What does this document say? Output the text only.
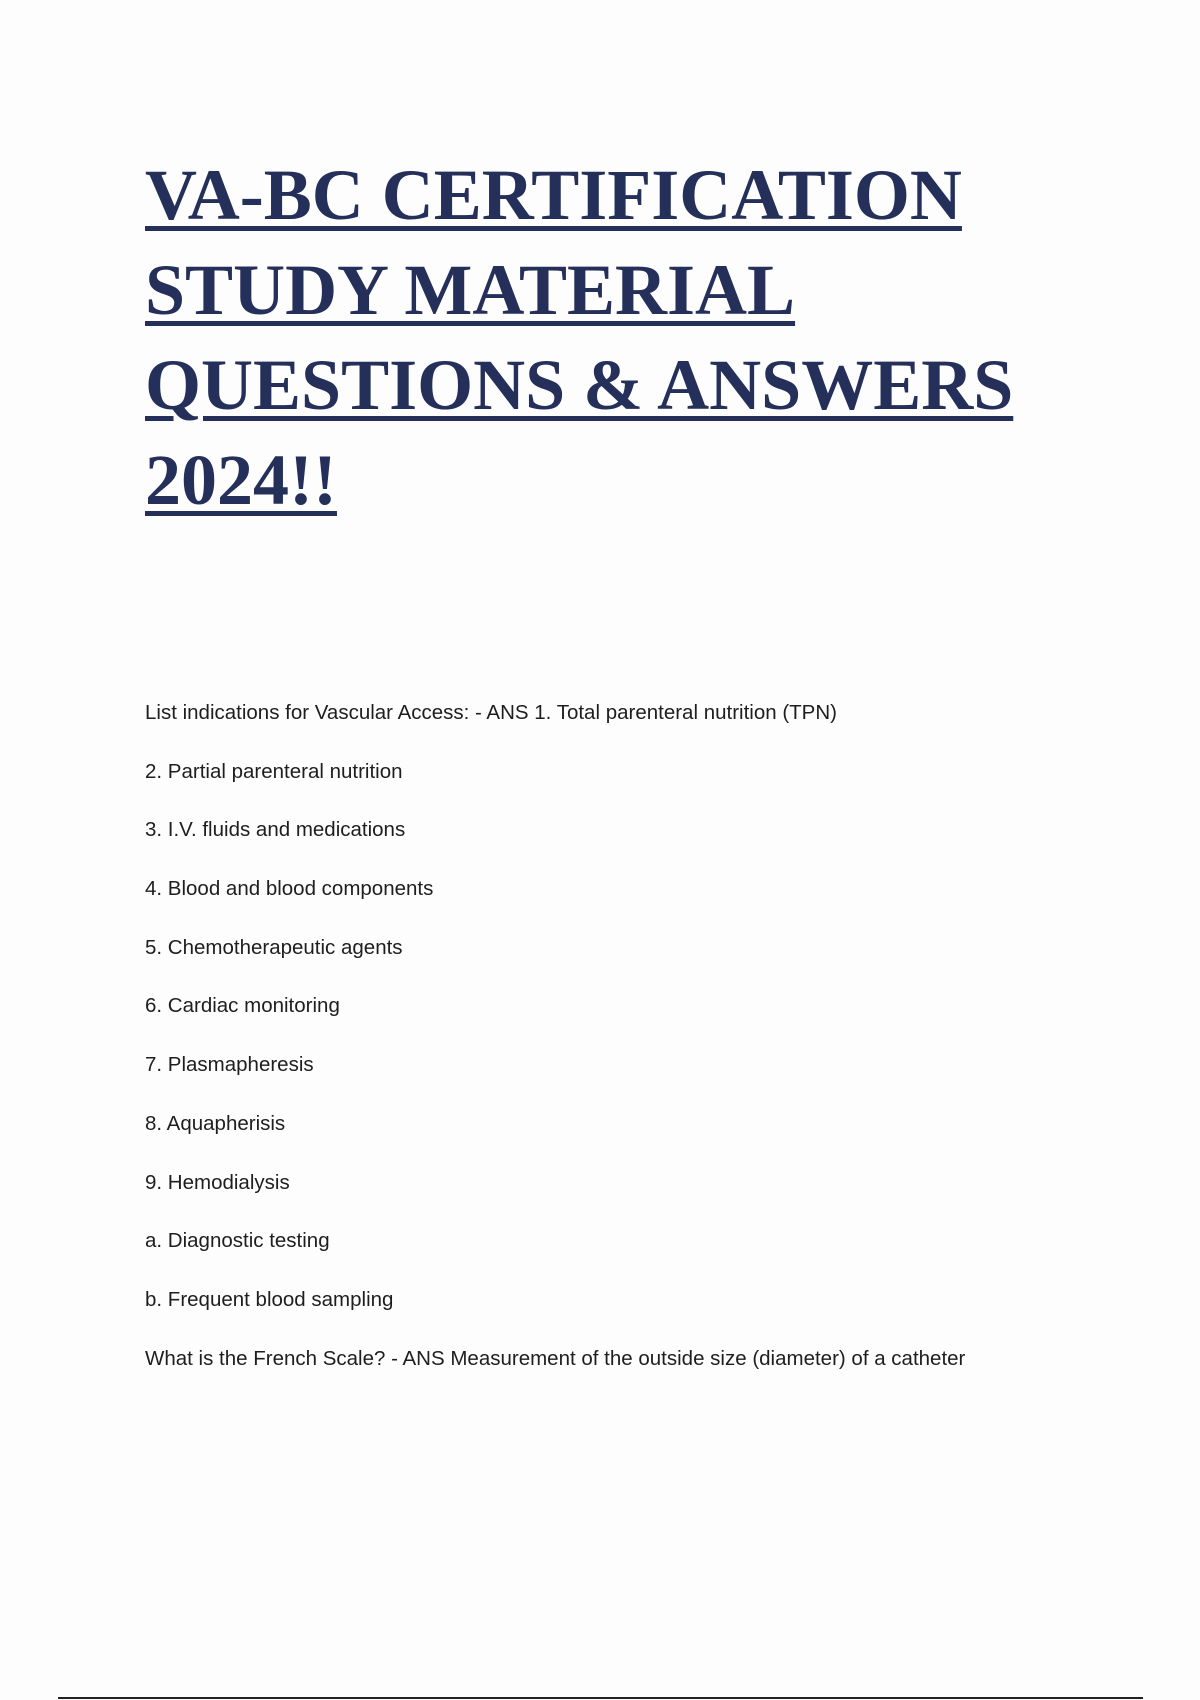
VA-BC CERTIFICATION
STUDY MATERIAL
QUESTIONS & ANSWERS
2024!!
List indications for Vascular Access: - ANS 1. Total parenteral nutrition (TPN)
2. Partial parenteral nutrition
3. I.V. fluids and medications
4. Blood and blood components
5. Chemotherapeutic agents
6. Cardiac monitoring
7. Plasmapheresis
8. Aquapherisis
9. Hemodialysis
a. Diagnostic testing
b. Frequent blood sampling
What is the French Scale? - ANS Measurement of the outside size (diameter) of a catheter
